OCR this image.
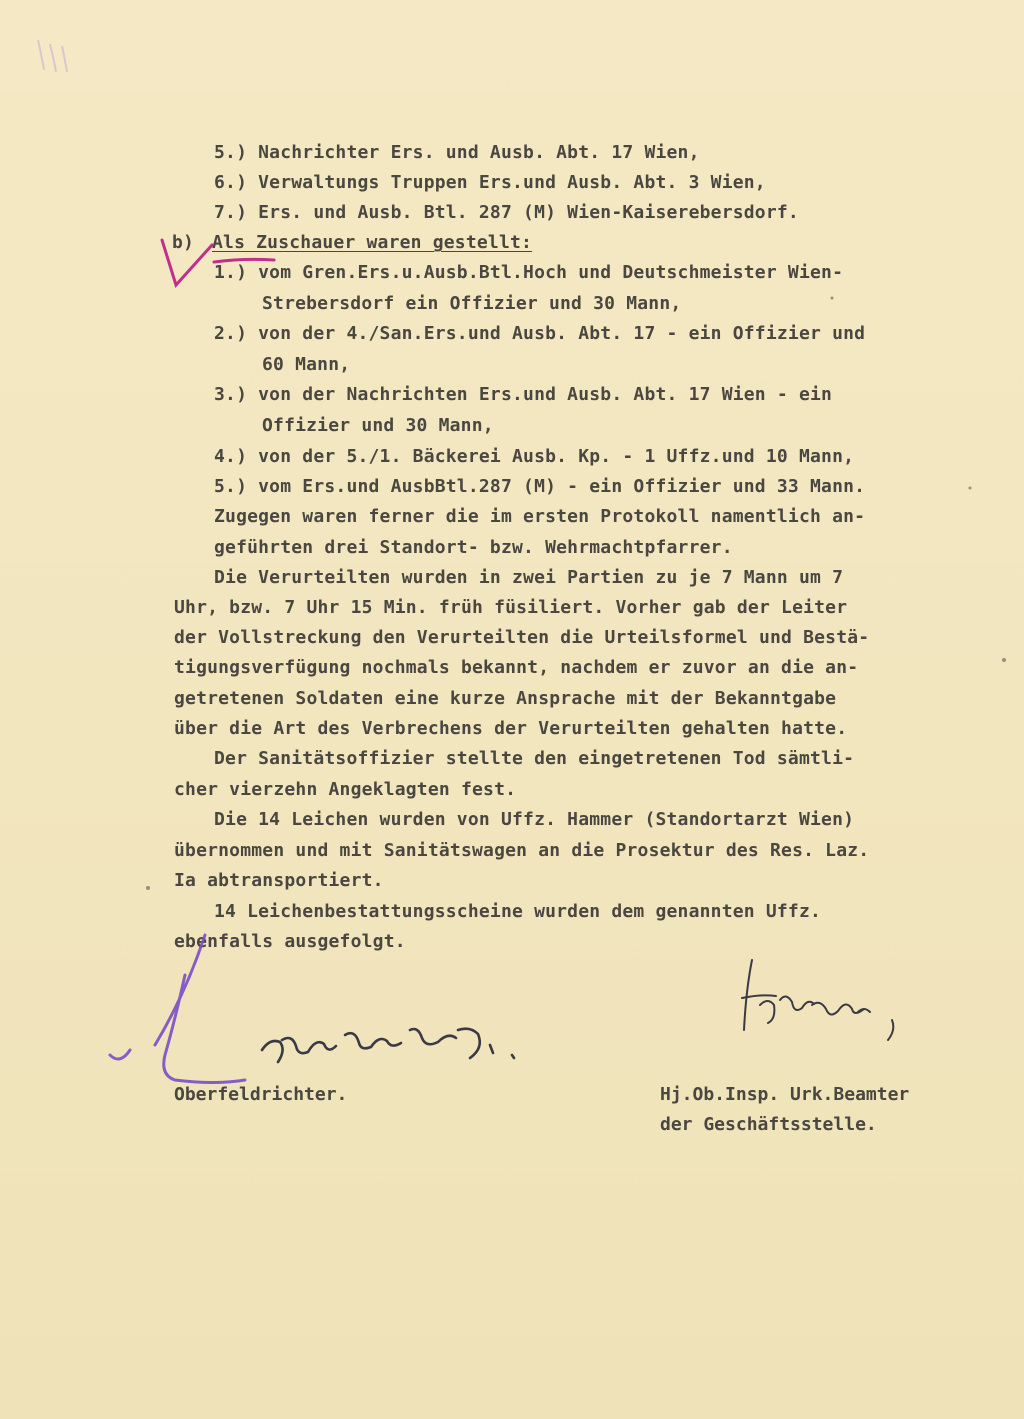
5.) Nachrichter Ers. und Ausb. Abt. 17 Wien,
6.) Verwaltungs Truppen Ers.und Ausb. Abt. 3 Wien,
7.) Ers. und Ausb. Btl. 287 (M) Wien-Kaiserebersdorf.
b) Als Zuschauer waren gestellt:
1.) vom Gren.Ers.u.Ausb.Btl.Hoch und Deutschmeister Wien-
Strebersdorf ein Offizier und 30 Mann,
2.) von der 4./San.Ers.und Ausb. Abt. 17 - ein Offizier und
60 Mann,
3.) von der Nachrichten Ers.und Ausb. Abt. 17 Wien - ein
Offizier und 30 Mann,
4.) von der 5./1. Bäckerei Ausb. Kp. - 1 Uffz.und 10 Mann,
5.) vom Ers.und AusbBtl.287 (M) - ein Offizier und 33 Mann.
Zugegen waren ferner die im ersten Protokoll namentlich an-
geführten drei Standort- bzw. Wehrmachtpfarrer.
Die Verurteilten wurden in zwei Partien zu je 7 Mann um 7
Uhr, bzw. 7 Uhr 15 Min. früh füsiliert. Vorher gab der Leiter
der Vollstreckung den Verurteilten die Urteilsformel und Bestä-
tigungsverfügung nochmals bekannt, nachdem er zuvor an die an-
getretenen Soldaten eine kurze Ansprache mit der Bekanntgabe
über die Art des Verbrechens der Verurteilten gehalten hatte.
Der Sanitätsoffizier stellte den eingetretenen Tod sämtli-
cher vierzehn Angeklagten fest.
Die 14 Leichen wurden von Uffz. Hammer (Standortarzt Wien)
übernommen und mit Sanitätswagen an die Prosektur des Res. Laz.
Ia abtransportiert.
14 Leichenbestattungsscheine wurden dem genannten Uffz.
ebenfalls ausgefolgt.
Oberfeldrichter.	Hj.Ob.Insp. Urk.Beamter
der Geschäftsstelle.
